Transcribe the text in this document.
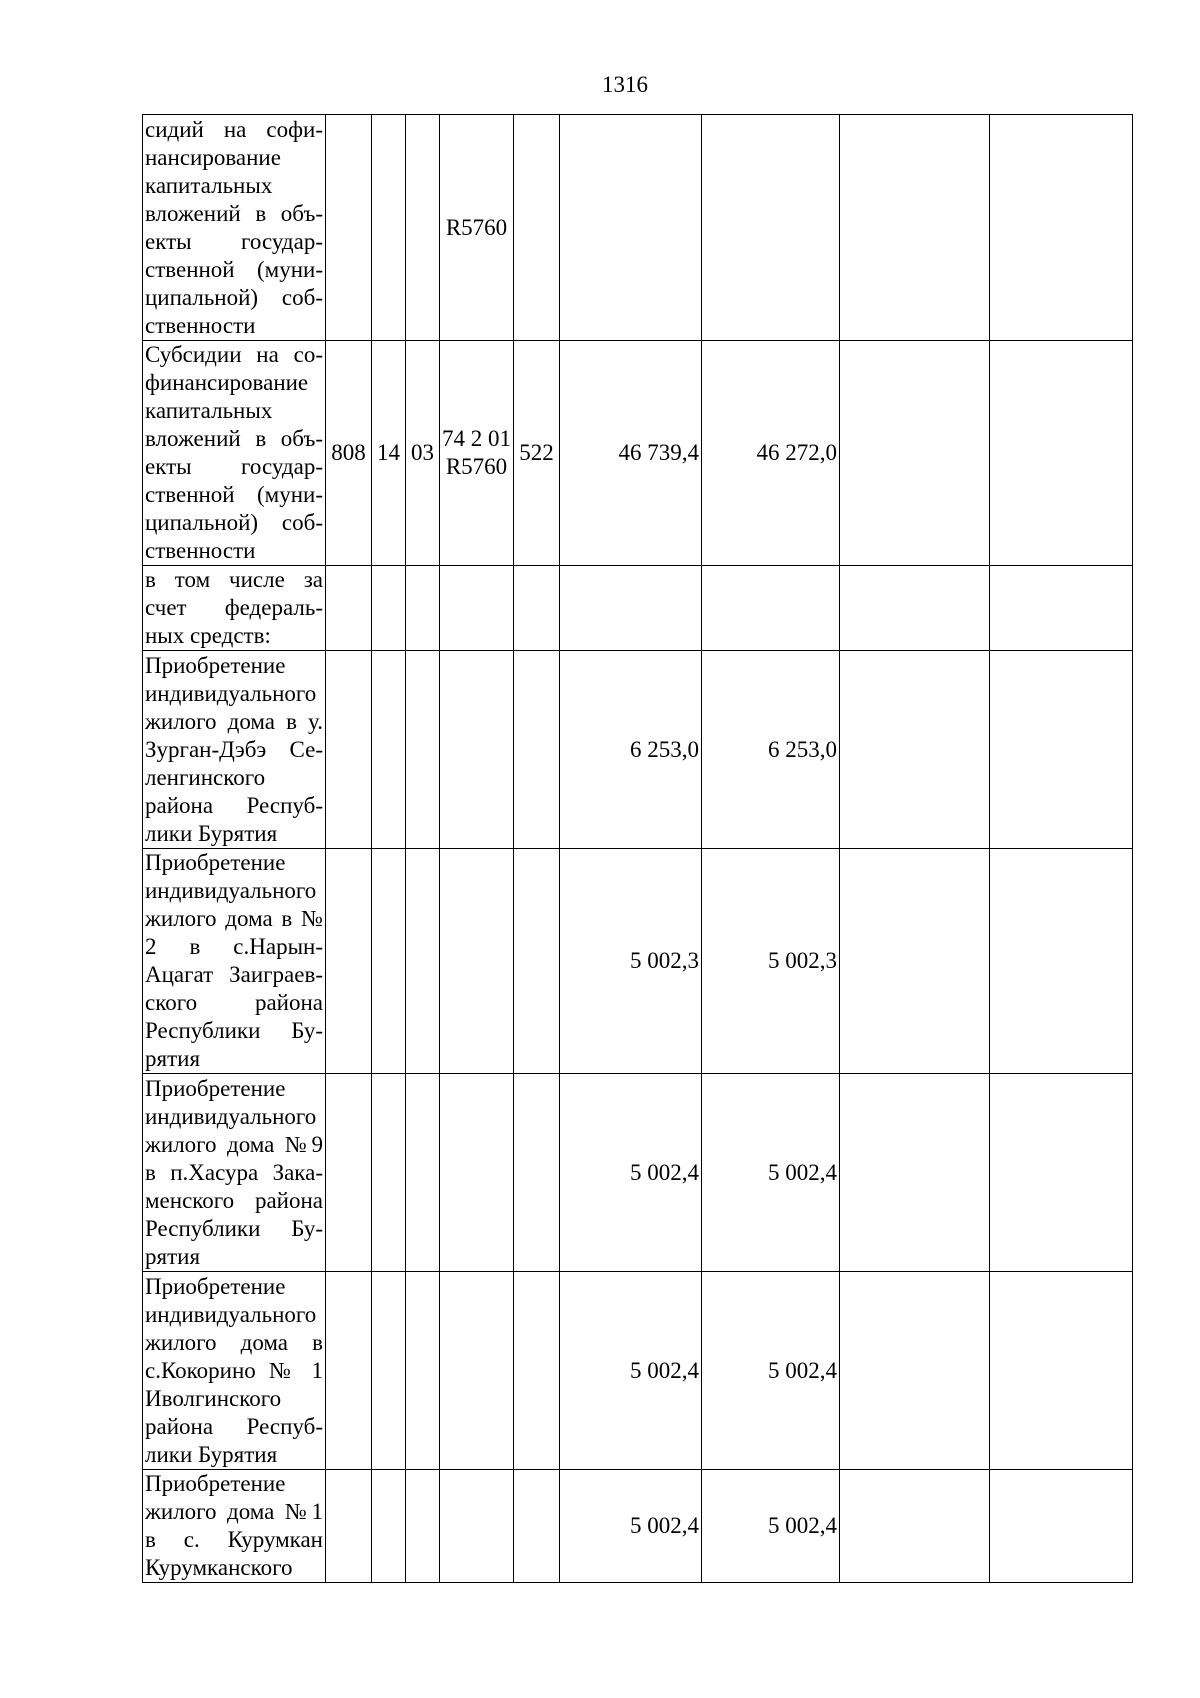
1316
сидий на софи-нансирование капитальных вложений в объ-екты государ-ственной (муни-ципальной) соб-ственности				R5760					
Субсидии на со-финансирование капитальных вложений в объ-екты государ-ственной (муни-ципальной) соб-ственности	808	14	03	74 2 01 R5760	522	46 739,4	46 272,0		
в том числе за счет федераль-ных средств:									
Приобретение индивидуального жилого дома в у. Зурган-Дэбэ Се-ленгинского района Респуб-лики Бурятия						6 253,0	6 253,0		
Приобретение индивидуального жилого дома в № 2 в с.Нарын-Ацагат Заиграев-ского района Республики Бу-рятия						5 002,3	5 002,3		
Приобретение индивидуального жилого дома №9 в п.Хасура Зака-менского района Республики Бу-рятия						5 002,4	5 002,4		
Приобретение индивидуального жилого дома в с.Кокорино № 1 Иволгинского района Респуб-лики Бурятия						5 002,4	5 002,4		
Приобретение жилого дома №1 в с. Курумкан Курумканского						5 002,4	5 002,4		
